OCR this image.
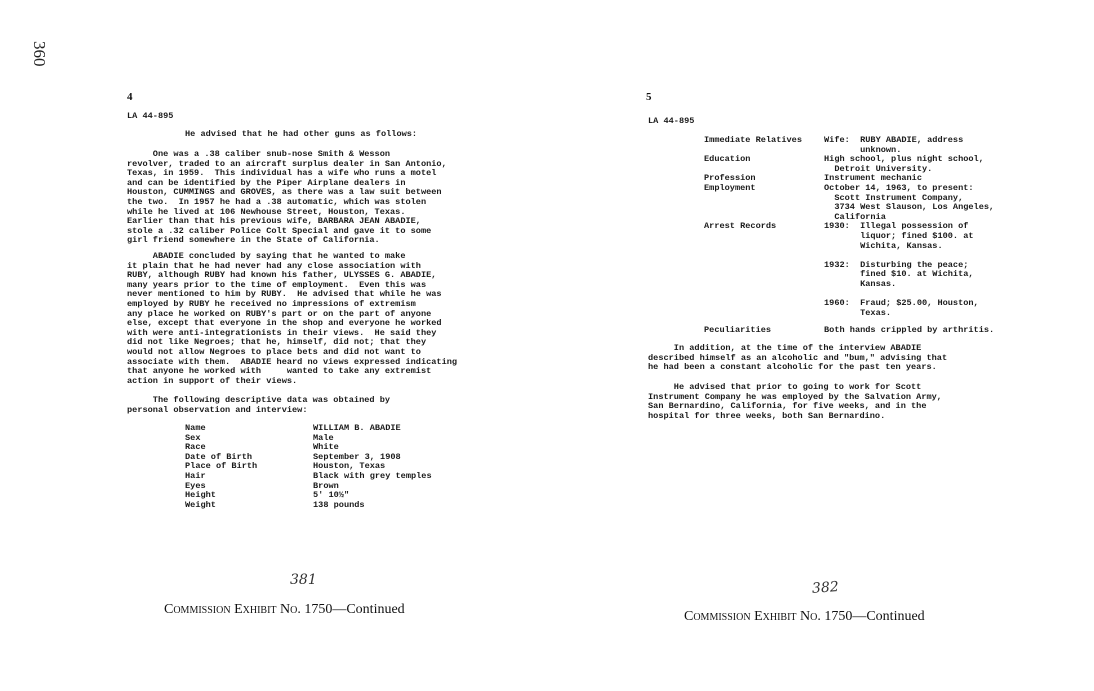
360
4
LA 44-895
He advised that he had other guns as follows:
One was a .38 caliber snub-nose Smith & Wesson
revolver, traded to an aircraft surplus dealer in San Antonio,
Texas, in 1959.  This individual has a wife who runs a motel
and can be identified by the Piper Airplane dealers in
Houston, CUMMINGS and GROVES, as there was a law suit between
the two.  In 1957 he had a .38 automatic, which was stolen
while he lived at 106 Newhouse Street, Houston, Texas.
Earlier than that his previous wife, BARBARA JEAN ABADIE,
stole a .32 caliber Police Colt Special and gave it to some
girl friend somewhere in the State of California.
ABADIE concluded by saying that he wanted to make
it plain that he had never had any close association with
RUBY, although RUBY had known his father, ULYSSES G. ABADIE,
many years prior to the time of employment.  Even this was
never mentioned to him by RUBY.  He advised that while he was
employed by RUBY he received no impressions of extremism
any place he worked on RUBY's part or on the part of anyone
else, except that everyone in the shop and everyone he worked
with were anti-integrationists in their views.  He said they
did not like Negroes; that he, himself, did not; that they
would not allow Negroes to place bets and did not want to
associate with them.  ABADIE heard no views expressed indicating
that anyone he worked with     wanted to take any extremist
action in support of their views.
The following descriptive data was obtained by
personal observation and interview:
Name	WILLIAM B. ABADIE
Sex	Male
Race	White
Date of Birth	September 3, 1908
Place of Birth	Houston, Texas
Hair	Black with grey temples
Eyes	Brown
Height	5' 10½"
Weight	138 pounds
381
Commission Exhibit No. 1750—Continued
5
LA 44-895
Immediate Relatives	Wife:  RUBY ABADIE, address
unknown.
Education	High school, plus night school,
Detroit University.
Profession	Instrument mechanic
Employment	October 14, 1963, to present:
Scott Instrument Company,
3734 West Slauson, Los Angeles,
California
Arrest Records	1930:  Illegal possession of
liquor; fined $100. at
Wichita, Kansas.

1932:  Disturbing the peace;
fined $10. at Wichita,
Kansas.

1960:  Fraud; $25.00, Houston,
Texas.
Peculiarities	Both hands crippled by arthritis.
In addition, at the time of the interview ABADIE
described himself as an alcoholic and "bum," advising that
he had been a constant alcoholic for the past ten years.
He advised that prior to going to work for Scott
Instrument Company he was employed by the Salvation Army,
San Bernardino, California, for five weeks, and in the
hospital for three weeks, both San Bernardino.
382
Commission Exhibit No. 1750—Continued
